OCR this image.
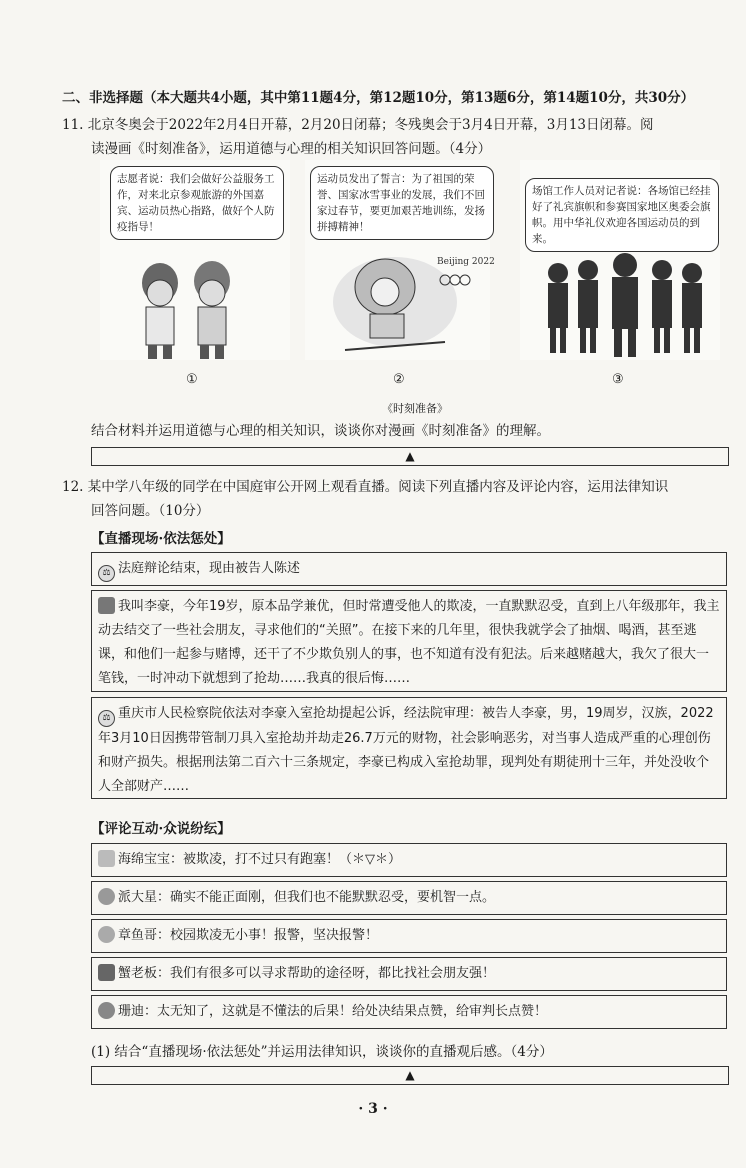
二、非选择题（本大题共4小题，其中第11题4分，第12题10分，第13题6分，第14题10分，共30分）
11. 北京冬奥会于2022年2月4日开幕，2月20日闭幕；冬残奥会于3月4日开幕，3月13日闭幕。阅
读漫画《时刻准备》，运用道德与心理的相关知识回答问题。（4分）
志愿者说：我们会做好公益服务工作，对来北京参观旅游的外国嘉宾、运动员热心指路，做好个人防疫指导！
运动员发出了誓言：为了祖国的荣誉、国家冰雪事业的发展，我们不回家过春节，要更加艰苦地训练，发扬拼搏精神！
Beijing 2022
场馆工作人员对记者说：各场馆已经挂好了礼宾旗帜和参赛国家地区奥委会旗帜。用中华礼仪欢迎各国运动员的到来。
①	②	③
《时刻准备》
结合材料并运用道德与心理的相关知识，谈谈你对漫画《时刻准备》的理解。
▲
12. 某中学八年级的同学在中国庭审公开网上观看直播。阅读下列直播内容及评论内容，运用法律知识
回答问题。（10分）
【直播现场·依法惩处】
⚖ 法庭辩论结束，现由被告人陈述
我叫李豪，今年19岁，原本品学兼优，但时常遭受他人的欺凌，一直默默忍受，直到上八年级那年，我主动去结交了一些社会朋友，寻求他们的“关照”。在接下来的几年里，很快我就学会了抽烟、喝酒，甚至逃课，和他们一起参与赌博，还干了不少欺负别人的事，也不知道有没有犯法。后来越赌越大，我欠了很大一笔钱，一时冲动下就想到了抢劫……我真的很后悔……
⚖ 重庆市人民检察院依法对李豪入室抢劫提起公诉，经法院审理：被告人李豪，男，19周岁，汉族，2022年3月10日因携带管制刀具入室抢劫并劫走26.7万元的财物，社会影响恶劣，对当事人造成严重的心理创伤和财产损失。根据刑法第二百六十三条规定，李豪已构成入室抢劫罪，现判处有期徒刑十三年，并处没收个人全部财产……
【评论互动·众说纷纭】
海绵宝宝：被欺凌，打不过只有跑塞！（＊▽＊）
派大星：确实不能正面刚，但我们也不能默默忍受，要机智一点。
章鱼哥：校园欺凌无小事！报警，坚决报警！
蟹老板：我们有很多可以寻求帮助的途径呀，都比找社会朋友强！
珊迪：太无知了，这就是不懂法的后果！给处决结果点赞，给审判长点赞！
(1) 结合“直播现场·依法惩处”并运用法律知识，谈谈你的直播观后感。（4分）
▲
· 3 ·
